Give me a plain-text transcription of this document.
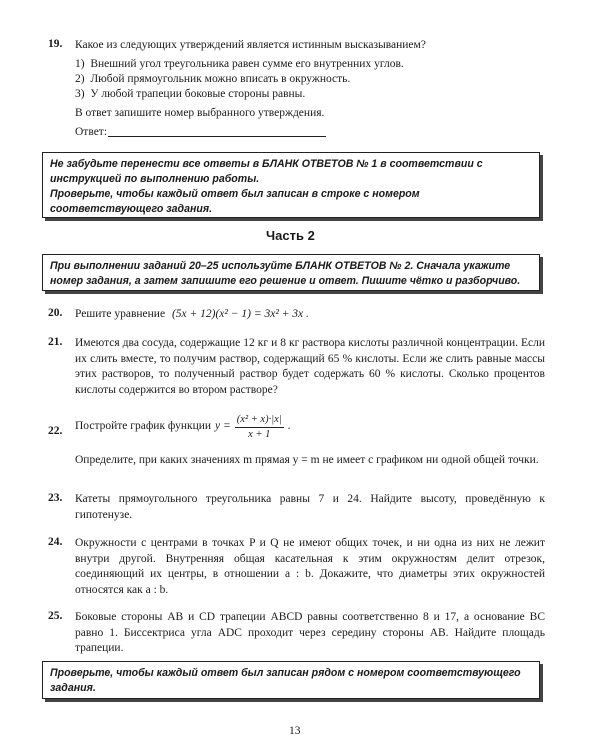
19. Какое из следующих утверждений является истинным высказыванием?
1)  Внешний угол треугольника равен сумме его внутренних углов.
2)  Любой прямоугольник можно вписать в окружность.
3)  У любой трапеции боковые стороны равны.
В ответ запишите номер выбранного утверждения.
Ответ:
Не забудьте перенести все ответы в БЛАНК ОТВЕТОВ № 1 в соответствии с инструкцией по выполнению работы.
Проверьте, чтобы каждый ответ был записан в строке с номером соответствующего задания.
Часть 2
При выполнении заданий 20–25 используйте БЛАНК ОТВЕТОВ № 2. Сначала укажите номер задания, а затем запишите его решение и ответ. Пишите чётко и разборчиво.
20. Решите уравнение (5x + 12)(x² − 1) = 3x² + 3x .
21. Имеются два сосуда, содержащие 12 кг и 8 кг раствора кислоты различной концентрации. Если их слить вместе, то получим раствор, содержащий 65 % кислоты. Если же слить равные массы этих растворов, то полученный раствор будет содержать 60 % кислоты. Сколько процентов кислоты содержится во втором растворе?
22. Постройте график функции $y = \frac{\text{(x² + x)·|x|}}{x + 1}$ .
Определите, при каких значениях m прямая y = m не имеет с графиком ни одной общей точки.
23. Катеты прямоугольного треугольника равны 7 и 24. Найдите высоту, проведённую к гипотенузе.
24. Окружности с центрами в точках P и Q не имеют общих точек, и ни одна из них не лежит внутри другой. Внутренняя общая касательная к этим окружностям делит отрезок, соединяющий их центры, в отношении a : b. Докажите, что диаметры этих окружностей относятся как a : b.
25. Боковые стороны AB и CD трапеции ABCD равны соответственно 8 и 17, а основание BC равно 1. Биссектриса угла ADC проходит через середину стороны AB. Найдите площадь трапеции.
Проверьте, чтобы каждый ответ был записан рядом с номером соответствующего задания.
13
